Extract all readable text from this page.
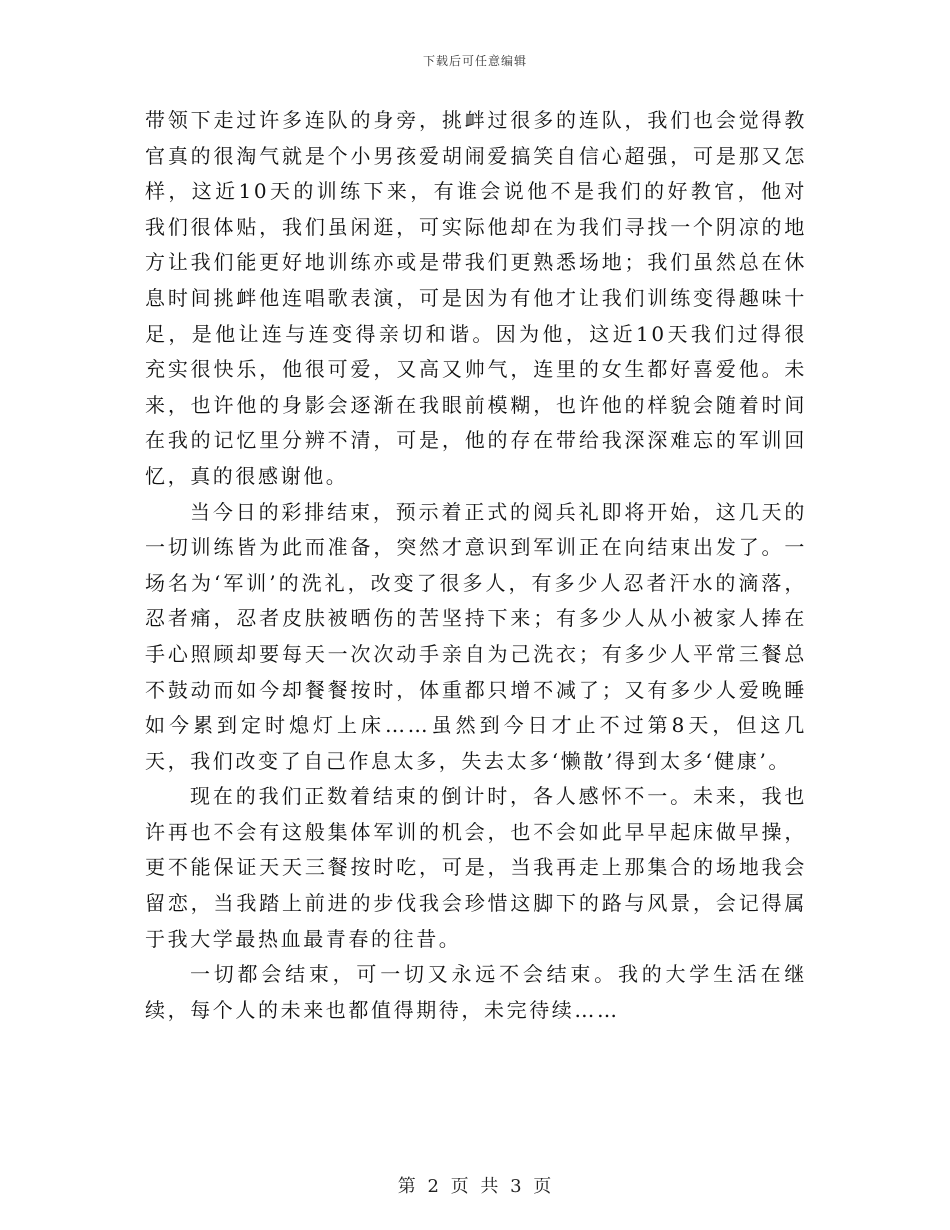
下载后可任意编辑

带领下走过许多连队的身旁，挑衅过很多的连队，我们也会觉得教官真的很淘气就是个小男孩爱胡闹爱搞笑自信心超强，可是那又怎样，这近10天的训练下来，有谁会说他不是我们的好教官，他对我们很体贴，我们虽闲逛，可实际他却在为我们寻找一个阴凉的地方让我们能更好地训练亦或是带我们更熟悉场地；我们虽然总在休息时间挑衅他连唱歌表演，可是因为有他才让我们训练变得趣味十足，是他让连与连变得亲切和谐。因为他，这近10天我们过得很充实很快乐，他很可爱，又高又帅气，连里的女生都好喜爱他。未来，也许他的身影会逐渐在我眼前模糊，也许他的样貌会随着时间在我的记忆里分辨不清，可是，他的存在带给我深深难忘的军训回忆，真的很感谢他。

当今日的彩排结束，预示着正式的阅兵礼即将开始，这几天的一切训练皆为此而准备，突然才意识到军训正在向结束出发了。一场名为‘军训’的洗礼，改变了很多人，有多少人忍者汗水的滴落，忍者痛，忍者皮肤被晒伤的苦坚持下来；有多少人从小被家人捧在手心照顾却要每天一次次动手亲自为己洗衣；有多少人平常三餐总不鼓动而如今却餐餐按时，体重都只增不减了；又有多少人爱晚睡如今累到定时熄灯上床……虽然到今日才止不过第8天，但这几天，我们改变了自己作息太多，失去太多‘懒散’得到太多‘健康’。

现在的我们正数着结束的倒计时，各人感怀不一。未来，我也许再也不会有这般集体军训的机会，也不会如此早早起床做早操，更不能保证天天三餐按时吃，可是，当我再走上那集合的场地我会留恋，当我踏上前进的步伐我会珍惜这脚下的路与风景，会记得属于我大学最热血最青春的往昔。

一切都会结束，可一切又永远不会结束。我的大学生活在继续，每个人的未来也都值得期待，未完待续……

第 2 页 共 3 页
